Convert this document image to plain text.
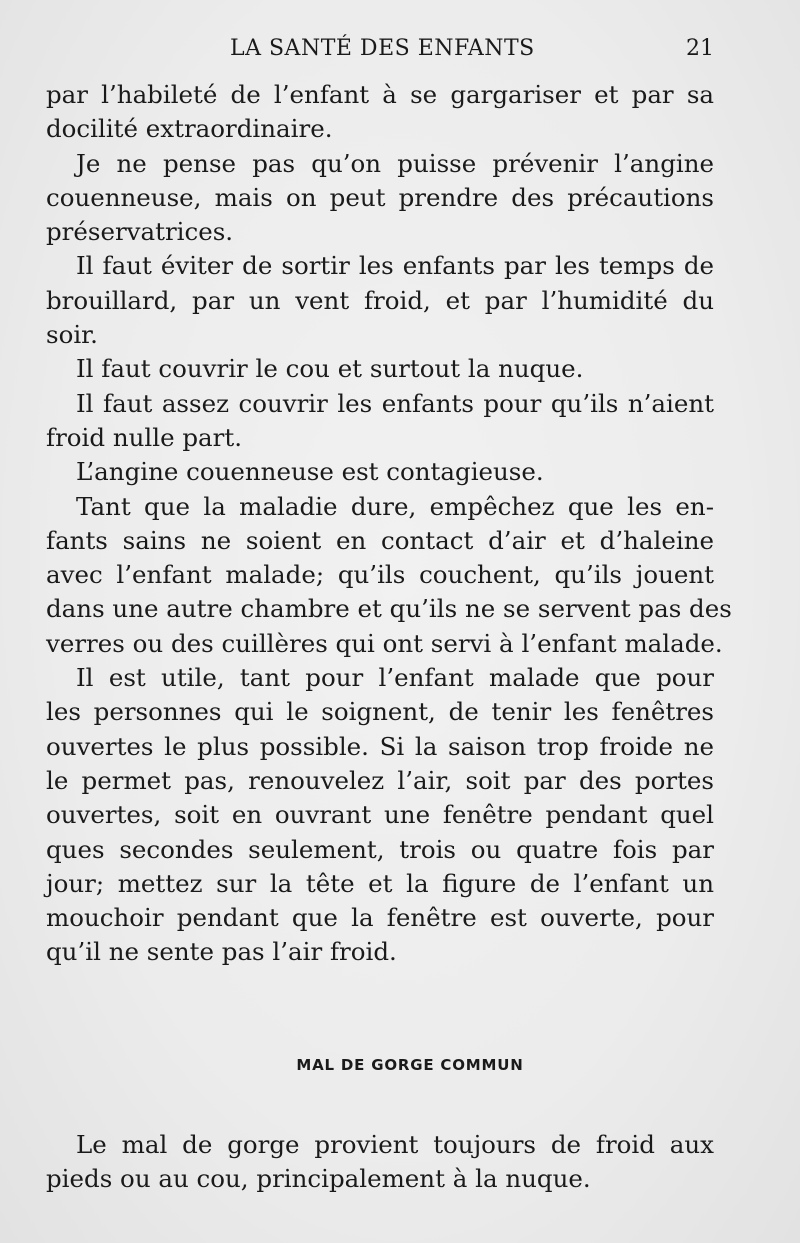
LA SANTÉ DES ENFANTS	21
par l’habileté de l’enfant à se gargariser et par sa
docilité extraordinaire.
Je ne pense pas qu’on puisse prévenir l’angine
couenneuse, mais on peut prendre des précautions
préservatrices.
Il faut éviter de sortir les enfants par les temps de
brouillard, par un vent froid, et par l’humidité du
soir.
Il faut couvrir le cou et surtout la nuque.
Il faut assez couvrir les enfants pour qu’ils n’aient
froid nulle part.
L’angine couenneuse est contagieuse.
Tant que la maladie dure, empêchez que les en-
fants sains ne soient en contact d’air et d’haleine
avec l’enfant malade; qu’ils couchent, qu’ils jouent
dans une autre chambre et qu’ils ne se servent pas des
verres ou des cuillères qui ont servi à l’enfant malade.
Il est utile, tant pour l’enfant malade que pour
les personnes qui le soignent, de tenir les fenêtres
ouvertes le plus possible. Si la saison trop froide ne
le permet pas, renouvelez l’air, soit par des portes
ouvertes, soit en ouvrant une fenêtre pendant quel
ques secondes seulement, trois ou quatre fois par
jour; mettez sur la tête et la figure de l’enfant un
mouchoir pendant que la fenêtre est ouverte, pour
qu’il ne sente pas l’air froid.
MAL DE GORGE COMMUN
Le mal de gorge provient toujours de froid aux
pieds ou au cou, principalement à la nuque.
